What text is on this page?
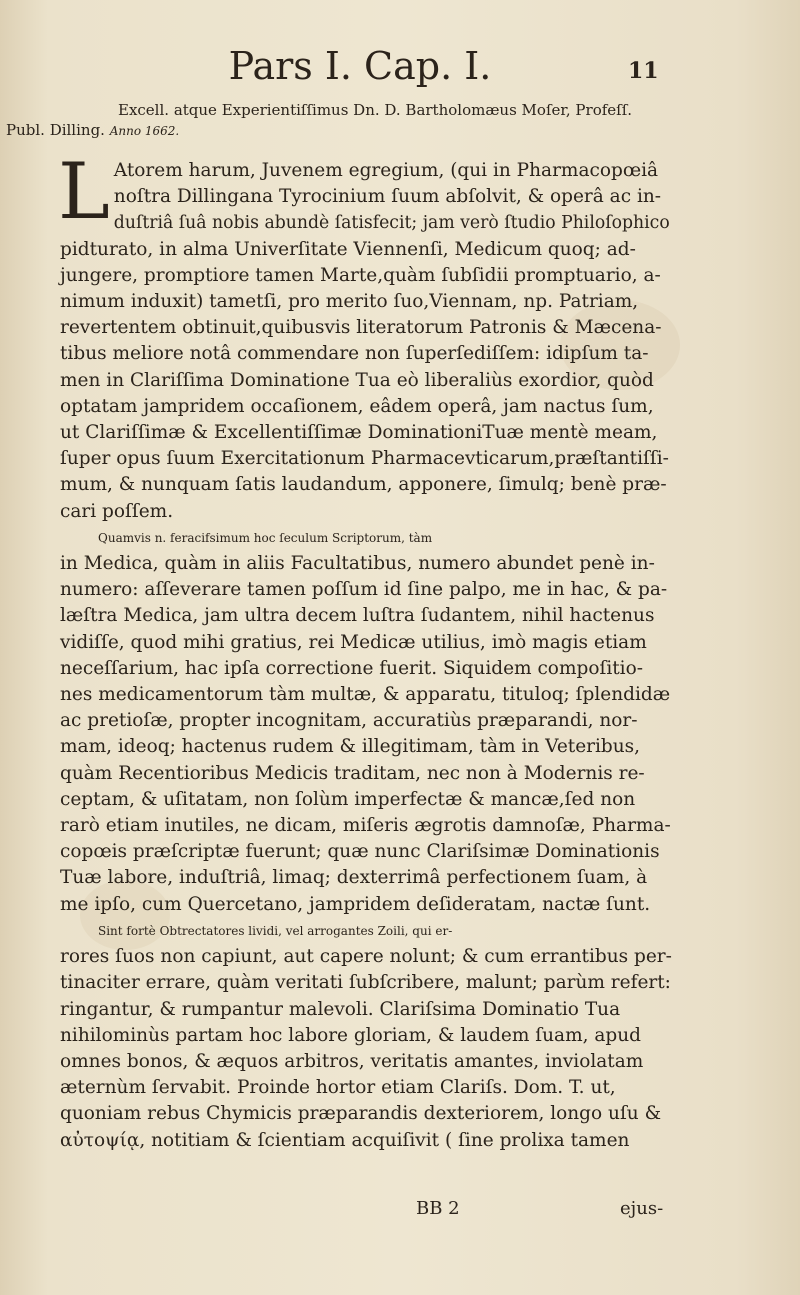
Pars I. Cap. I.	11
Excell. atque Experientiſſimus Dn. D. Bartholomæus Moſer, Profeſſ.
Publ. Dilling. Anno 1662.
L Atorem harum, Juvenem egregium, (qui in Pharmacopœiâ
noſtra Dillingana Tyrocinium ſuum abſolvit, & operâ ac in-
duſtriâ ſuâ nobis abundè ſatisfecit; jam verò ſtudio Philoſophico
pidturato, in alma Univerſitate Viennenſi, Medicum quoq; ad-
jungere, promptiore tamen Marte,quàm ſubſidii promptuario, a-
nimum induxit) tametſi, pro merito ſuo,Viennam, np. Patriam,
revertentem obtinuit,quibusvis literatorum Patronis & Mæcena-
tibus meliore notâ commendare non ſuperſediſſem: idipſum ta-
men in Clariſſima Dominatione Tua eò liberaliùs exordior, quòd
optatam jampridem occaſionem, eâdem operâ, jam nactus ſum,
ut Clariſſimæ & Excellentiſſimæ DominationiTuæ mentè meam,
ſuper opus ſuum Exercitationum Pharmacevticarum,præſtantiſſi-
mum, & nunquam ſatis laudandum, apponere, ſimulq; benè præ-
cari poſſem.
Quamvis n. feracifsimum hoc ſeculum Scriptorum, tàm
in Medica, quàm in aliis Facultatibus, numero abundet penè in-
numero: aſſeverare tamen poſſum id ſine palpo, me in hac, & pa-
læſtra Medica, jam ultra decem luſtra ſudantem, nihil hactenus
vidiſſe, quod mihi gratius, rei Medicæ utilius, imò magis etiam
neceſſarium, hac ipſa correctione fuerit. Siquidem compoſitio-
nes medicamentorum tàm multæ, & apparatu, tituloq; ſplendidæ
ac pretioſæ, propter incognitam, accuratiùs præparandi, nor-
mam, ideoq; hactenus rudem & illegitimam, tàm in Veteribus,
quàm Recentioribus Medicis traditam, nec non à Modernis re-
ceptam, & uſitatam, non ſolùm imperfectæ & mancæ,ſed non
rarò etiam inutiles, ne dicam, miſeris ægrotis damnoſæ, Pharma-
copœis præſcriptæ fuerunt; quæ nunc Clariſsimæ Dominationis
Tuæ labore, induſtriâ, limaq; dexterrimâ perfectionem ſuam, à
me ipſo, cum Quercetano, jampridem deſideratam, nactæ ſunt.
Sint fortè Obtrectatores lividi, vel arrogantes Zoili, qui er-
rores ſuos non capiunt, aut capere nolunt; & cum errantibus per-
tinaciter errare, quàm veritati ſubſcribere, malunt; parùm refert:
ringantur, & rumpantur malevoli. Clariſsima Dominatio Tua
nihilominùs partam hoc labore gloriam, & laudem ſuam, apud
omnes bonos, & æquos arbitros, veritatis amantes, inviolatam
æternùm ſervabit. Proinde hortor etiam Clariſs. Dom. T. ut,
quoniam rebus Chymicis præparandis dexteriorem, longo uſu &
αὐτοψίᾳ, notitiam & ſcientiam acquiſivit ( ſine prolixa tamen
BB 2	ejus-
